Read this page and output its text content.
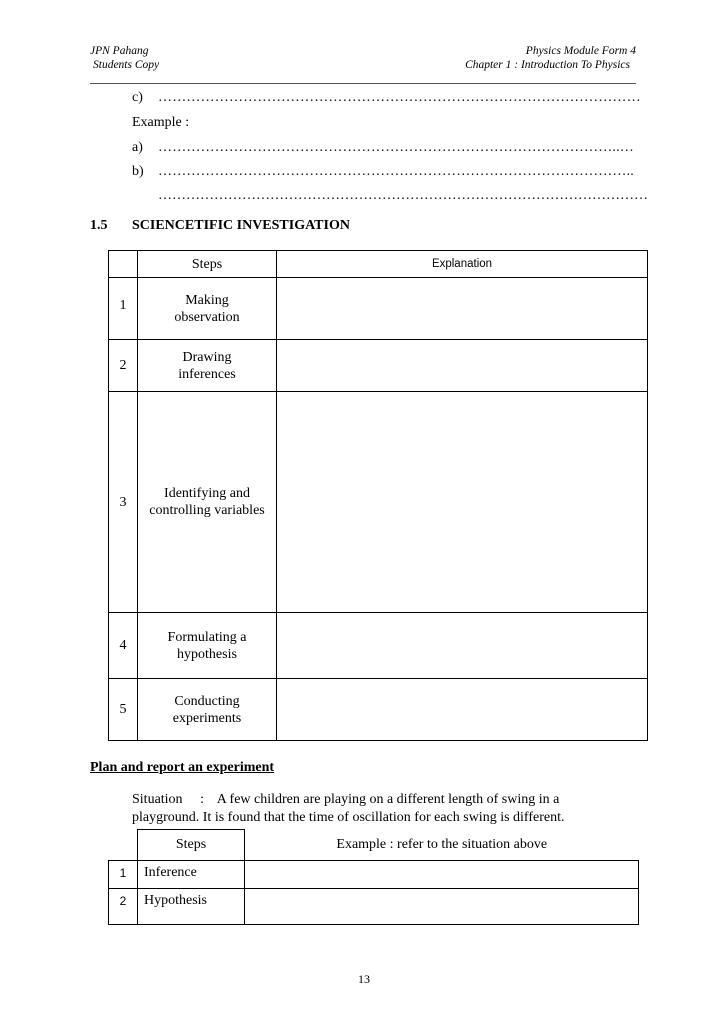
JPN Pahang
Students Copy
Physics Module Form 4
Chapter 1 : Introduction To Physics
c) …………………………………………………………………………………………
Example :
a) ……………………………………………………………………………………..…
b) ………………………………………………………………………………………..
……………………………………………………………………………………………
1.5 SCIENCETIFIC INVESTIGATION
	Steps	Explanation
1	Making observation	
2	Drawing inferences	
3	Identifying and controlling variables	
4	Formulating a hypothesis	
5	Conducting experiments	
Plan and report an experiment
Situation : A few children are playing on a different length of swing in a
playground. It is found that the time of oscillation for each swing is different.
	Steps	Example : refer to the situation above
1	Inference	
2	Hypothesis	
13
